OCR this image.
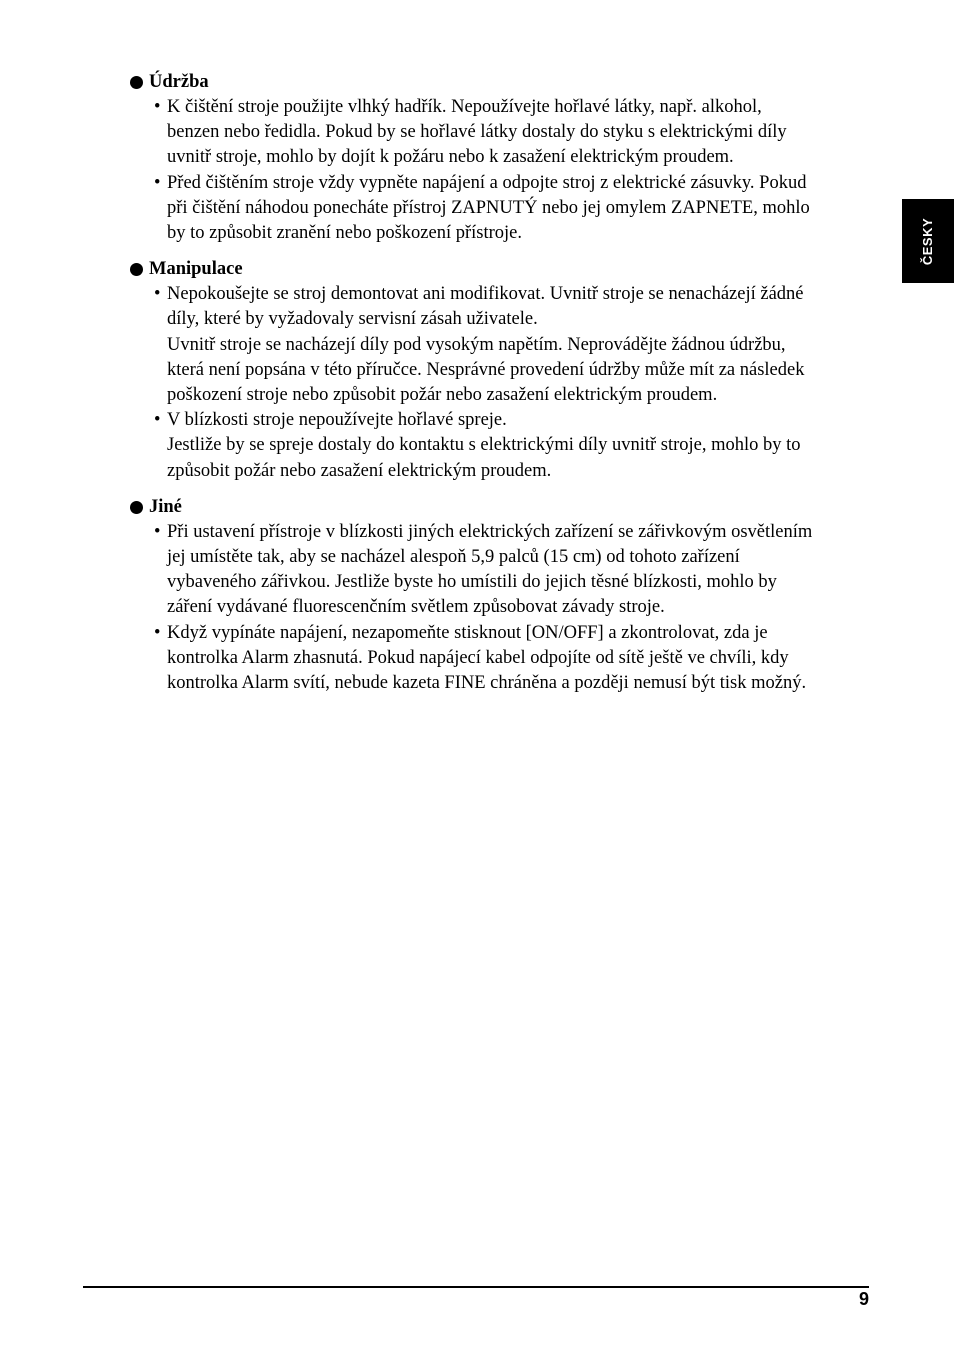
Údržba
• K čištění stroje použijte vlhký hadřík. Nepoužívejte hořlavé látky, např. alkohol,
benzen nebo ředidla. Pokud by se hořlavé látky dostaly do styku s elektrickými díly
uvnitř stroje, mohlo by dojít k požáru nebo k zasažení elektrickým proudem.
• Před čištěním stroje vždy vypněte napájení a odpojte stroj z elektrické zásuvky. Pokud
při čištění náhodou ponecháte přístroj ZAPNUTÝ nebo jej omylem ZAPNETE, mohlo
by to způsobit zranění nebo poškození přístroje.
Manipulace
• Nepokoušejte se stroj demontovat ani modifikovat. Uvnitř stroje se nenacházejí žádné
díly, které by vyžadovaly servisní zásah uživatele.
Uvnitř stroje se nacházejí díly pod vysokým napětím. Neprovádějte žádnou údržbu,
která není popsána v této příručce. Nesprávné provedení údržby může mít za následek
poškození stroje nebo způsobit požár nebo zasažení elektrickým proudem.
• V blízkosti stroje nepoužívejte hořlavé spreje.
Jestliže by se spreje dostaly do kontaktu s elektrickými díly uvnitř stroje, mohlo by to
způsobit požár nebo zasažení elektrickým proudem.
Jiné
• Při ustavení přístroje v blízkosti jiných elektrických zařízení se zářivkovým osvětlením
jej umístěte tak, aby se nacházel alespoň 5,9 palců (15 cm) od tohoto zařízení
vybaveného zářivkou. Jestliže byste ho umístili do jejich těsné blízkosti, mohlo by
záření vydávané fluorescenčním světlem způsobovat závady stroje.
• Když vypínáte napájení, nezapomeňte stisknout [ON/OFF] a zkontrolovat, zda je
kontrolka Alarm zhasnutá. Pokud napájecí kabel odpojíte od sítě ještě ve chvíli, kdy
kontrolka Alarm svítí, nebude kazeta FINE chráněna a později nemusí být tisk možný.
ČESKY
9
